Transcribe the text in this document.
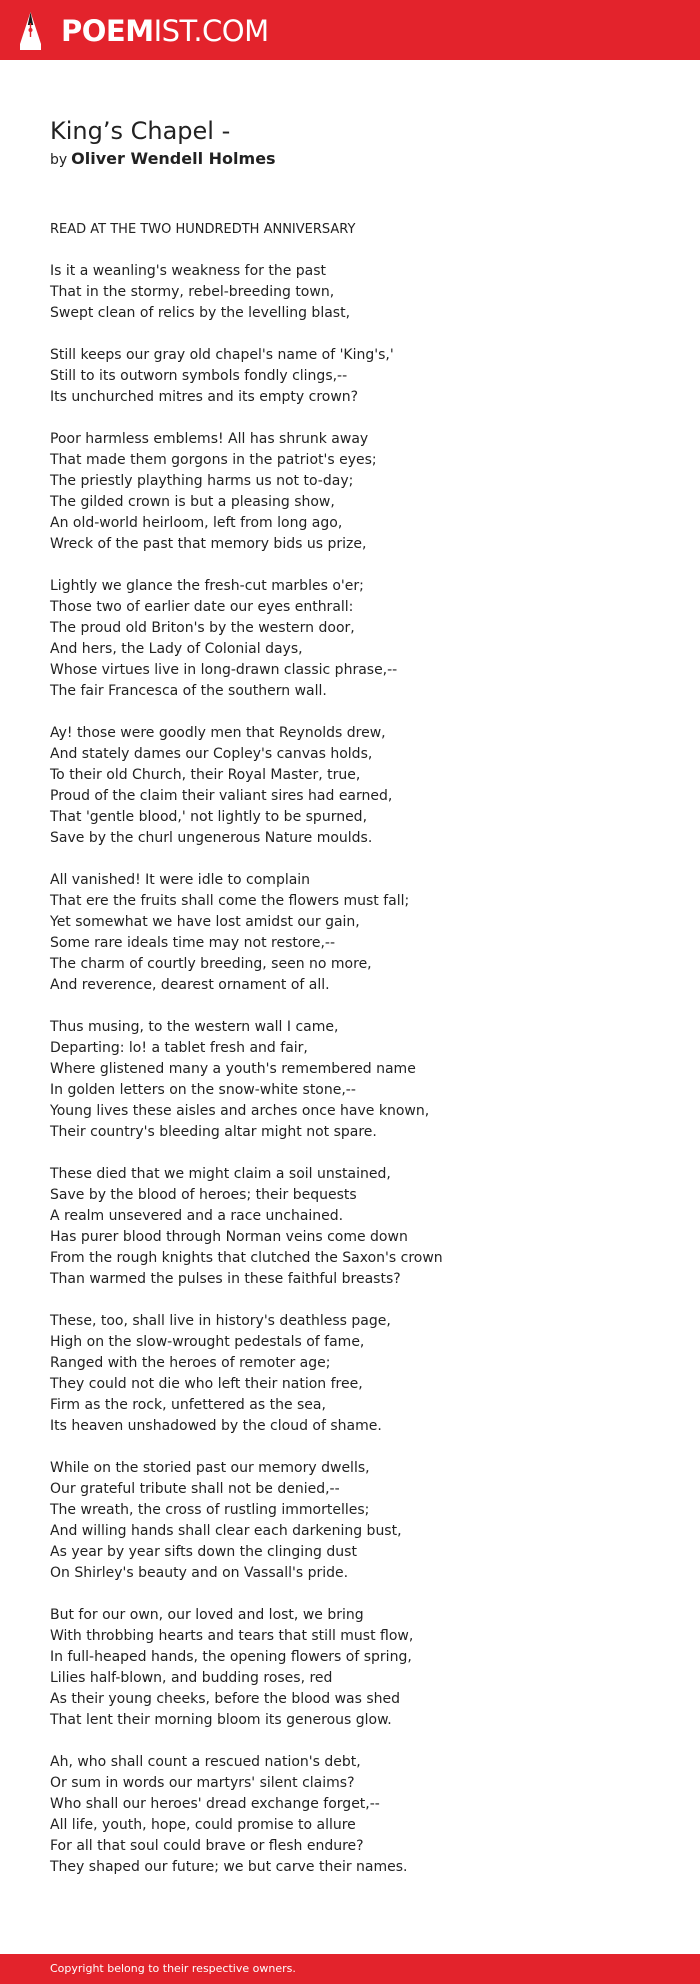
POEMIST.COM
King’s Chapel -
by Oliver Wendell Holmes
READ AT THE TWO HUNDREDTH ANNIVERSARY
Is it a weanling's weakness for the past
That in the stormy, rebel-breeding town,
Swept clean of relics by the levelling blast,
Still keeps our gray old chapel's name of 'King's,'
Still to its outworn symbols fondly clings,--
Its unchurched mitres and its empty crown?
Poor harmless emblems! All has shrunk away
That made them gorgons in the patriot's eyes;
The priestly plaything harms us not to-day;
The gilded crown is but a pleasing show,
An old-world heirloom, left from long ago,
Wreck of the past that memory bids us prize,
Lightly we glance the fresh-cut marbles o'er;
Those two of earlier date our eyes enthrall:
The proud old Briton's by the western door,
And hers, the Lady of Colonial days,
Whose virtues live in long-drawn classic phrase,--
The fair Francesca of the southern wall.
Ay! those were goodly men that Reynolds drew,
And stately dames our Copley's canvas holds,
To their old Church, their Royal Master, true,
Proud of the claim their valiant sires had earned,
That 'gentle blood,' not lightly to be spurned,
Save by the churl ungenerous Nature moulds.
All vanished! It were idle to complain
That ere the fruits shall come the flowers must fall;
Yet somewhat we have lost amidst our gain,
Some rare ideals time may not restore,--
The charm of courtly breeding, seen no more,
And reverence, dearest ornament of all.
Thus musing, to the western wall I came,
Departing: lo! a tablet fresh and fair,
Where glistened many a youth's remembered name
In golden letters on the snow-white stone,--
Young lives these aisles and arches once have known,
Their country's bleeding altar might not spare.
These died that we might claim a soil unstained,
Save by the blood of heroes; their bequests
A realm unsevered and a race unchained.
Has purer blood through Norman veins come down
From the rough knights that clutched the Saxon's crown
Than warmed the pulses in these faithful breasts?
These, too, shall live in history's deathless page,
High on the slow-wrought pedestals of fame,
Ranged with the heroes of remoter age;
They could not die who left their nation free,
Firm as the rock, unfettered as the sea,
Its heaven unshadowed by the cloud of shame.
While on the storied past our memory dwells,
Our grateful tribute shall not be denied,--
The wreath, the cross of rustling immortelles;
And willing hands shall clear each darkening bust,
As year by year sifts down the clinging dust
On Shirley's beauty and on Vassall's pride.
But for our own, our loved and lost, we bring
With throbbing hearts and tears that still must flow,
In full-heaped hands, the opening flowers of spring,
Lilies half-blown, and budding roses, red
As their young cheeks, before the blood was shed
That lent their morning bloom its generous glow.
Ah, who shall count a rescued nation's debt,
Or sum in words our martyrs' silent claims?
Who shall our heroes' dread exchange forget,--
All life, youth, hope, could promise to allure
For all that soul could brave or flesh endure?
They shaped our future; we but carve their names.
Copyright belong to their respective owners.
